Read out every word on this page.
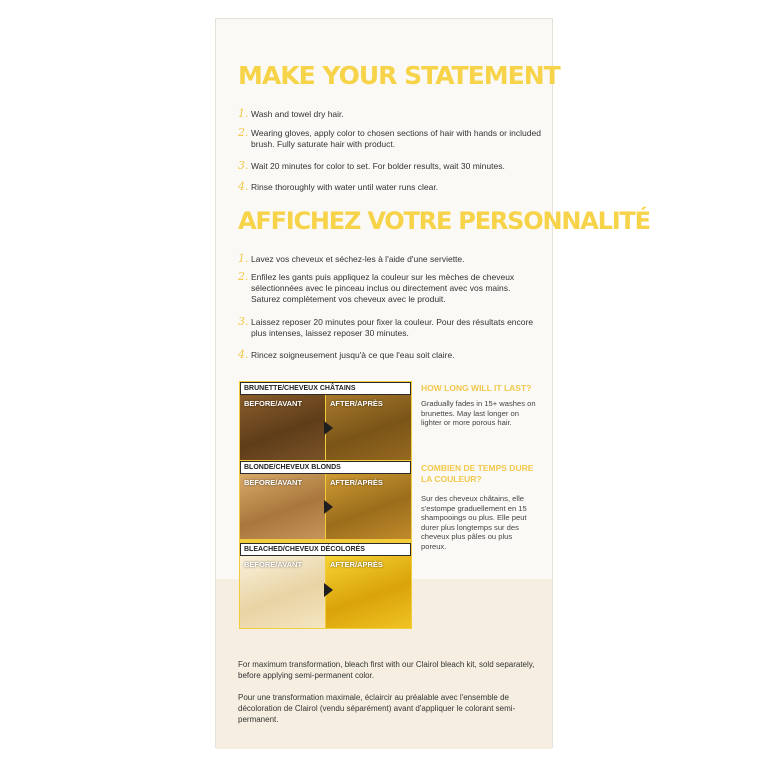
MAKE YOUR STATEMENT
1. Wash and towel dry hair.
2. Wearing gloves, apply color to chosen sections of hair with hands or included brush. Fully saturate hair with product.
3. Wait 20 minutes for color to set. For bolder results, wait 30 minutes.
4. Rinse thoroughly with water until water runs clear.
AFFICHEZ VOTRE PERSONNALITÉ
1. Lavez vos cheveux et séchez-les à l'aide d'une serviette.
2. Enfilez les gants puis appliquez la couleur sur les mèches de cheveux sélectionnées avec le pinceau inclus ou directement avec vos mains. Saturez complètement vos cheveux avec le produit.
3. Laissez reposer 20 minutes pour fixer la couleur. Pour des résultats encore plus intenses, laissez reposer 30 minutes.
4. Rincez soigneusement jusqu'à ce que l'eau soit claire.
BRUNETTE/CHEVEUX CHÂTAINS
BEFORE/AVANT	AFTER/APRÈS
BLONDE/CHEVEUX BLONDS
BEFORE/AVANT	AFTER/APRÈS
BLEACHED/CHEVEUX DÉCOLORÉS
BEFORE/AVANT	AFTER/APRÈS
HOW LONG WILL IT LAST?
Gradually fades in 15+ washes on brunettes. May last longer on lighter or more porous hair.
COMBIEN DE TEMPS DURE LA COULEUR?
Sur des cheveux châtains, elle s'estompe graduellement en 15 shampooings ou plus. Elle peut durer plus longtemps sur des cheveux plus pâles ou plus poreux.
For maximum transformation, bleach first with our Clairol bleach kit, sold separately, before applying semi-permanent color.
Pour une transformation maximale, éclaircir au préalable avec l'ensemble de décoloration de Clairol (vendu séparément) avant d'appliquer le colorant semi-permanent.
